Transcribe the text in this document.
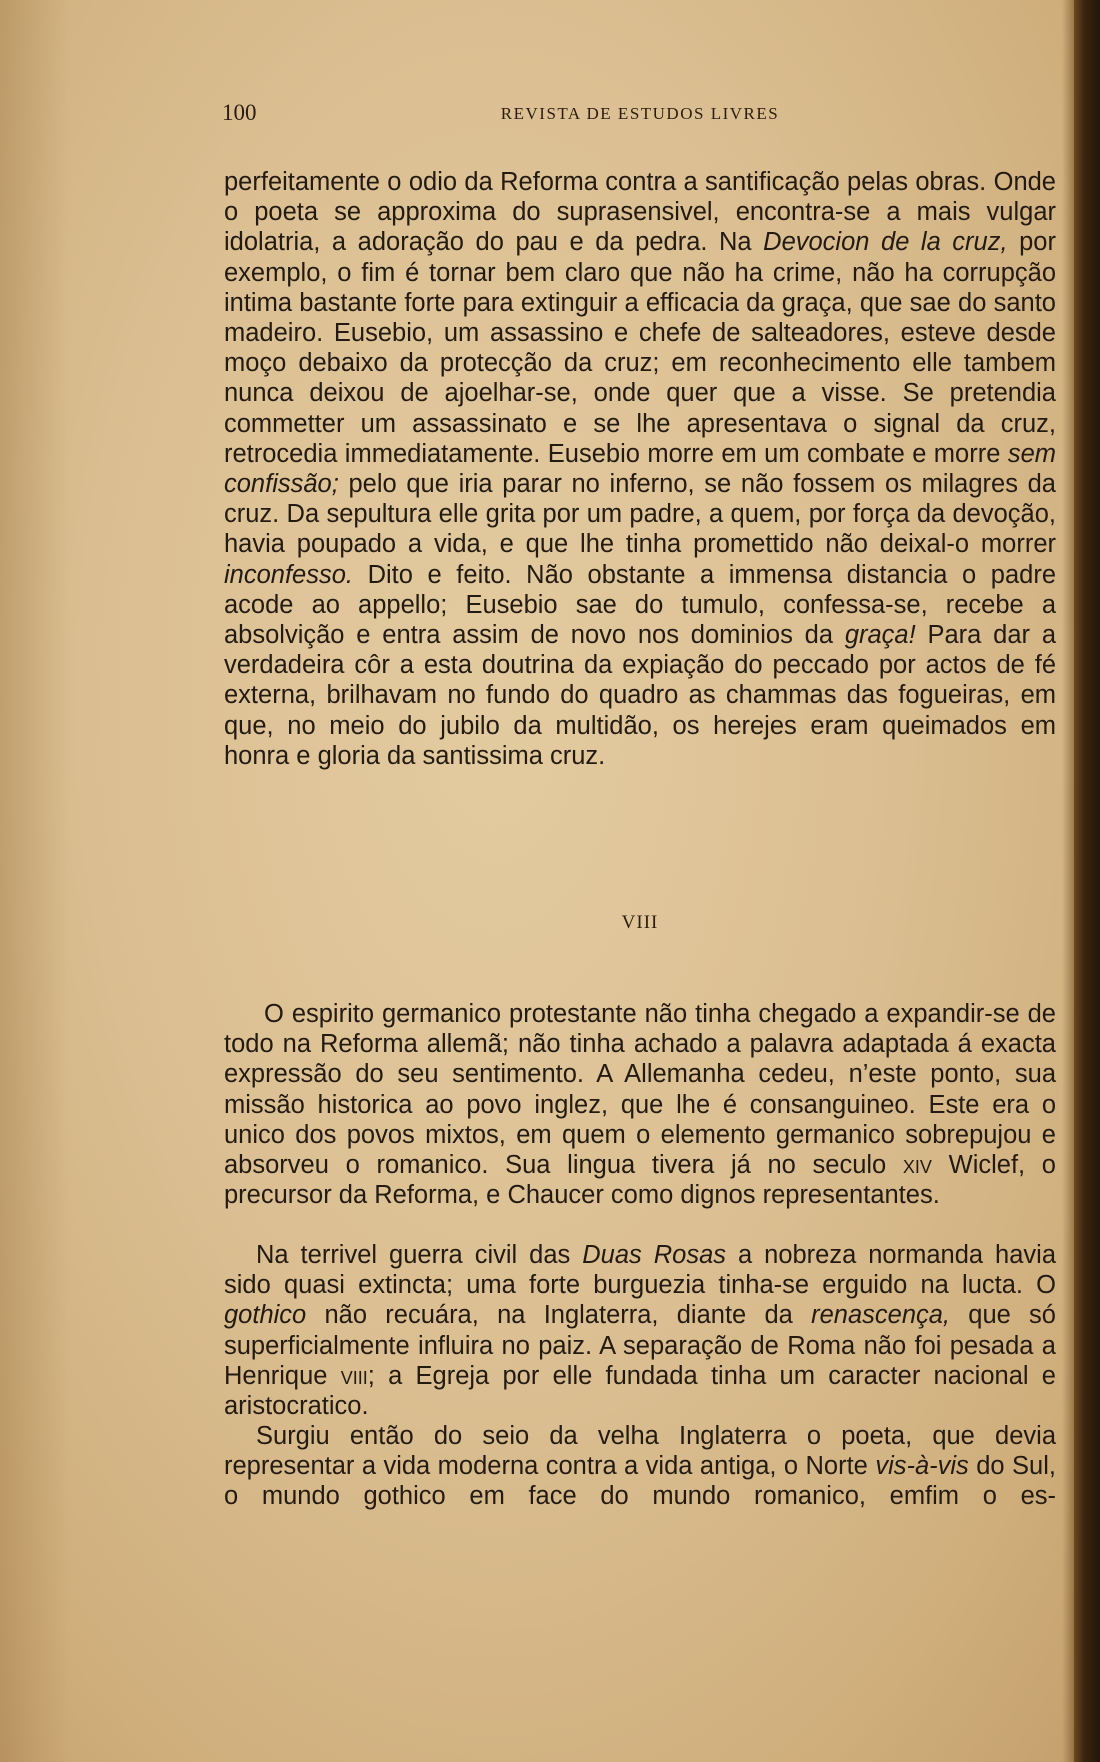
100	REVISTA DE ESTUDOS LIVRES

perfeitamente o odio da Reforma contra a santificação pelas obras. Onde o poeta se approxima do suprasensivel, encontra-se a mais vulgar idolatria, a adoração do pau e da pedra. Na Devocion de la cruz, por exemplo, o fim é tornar bem claro que não ha crime, não ha corrupção intima bastante forte para extinguir a efficacia da graça, que sae do santo madeiro. Eusebio, um assassino e chefe de salteadores, esteve desde moço debaixo da protecção da cruz; em reconhecimento elle tambem nunca deixou de ajoelhar-se, onde quer que a visse. Se pretendia commetter um assassinato e se lhe apresentava o signal da cruz, retrocedia immediatamente. Eusebio morre em um combate e morre sem confissão; pelo que iria parar no inferno, se não fossem os milagres da cruz. Da sepultura elle grita por um padre, a quem, por força da devoção, havia poupado a vida, e que lhe tinha promettido não deixal-o morrer inconfesso. Dito e feito. Não obstante a immensa distancia o padre acode ao appello; Eusebio sae do tumulo, confessa-se, recebe a absolvição e entra assim de novo nos dominios da graça! Para dar a verdadeira côr a esta doutrina da expiação do peccado por actos de fé externa, brilhavam no fundo do quadro as chammas das fogueiras, em que, no meio do jubilo da multidão, os herejes eram queimados em honra e gloria da santissima cruz.

VIII

O espirito germanico protestante não tinha chegado a expandir-se de todo na Reforma allemã; não tinha achado a palavra adaptada á exacta expressão do seu sentimento. A Allemanha cedeu, n’este ponto, sua missão historica ao povo inglez, que lhe é consanguineo. Este era o unico dos povos mixtos, em quem o elemento germanico sobrepujou e absorveu o romanico. Sua lingua tivera já no seculo xiv Wiclef, o precursor da Reforma, e Chaucer como dignos representantes.

Na terrivel guerra civil das Duas Rosas a nobreza normanda havia sido quasi extincta; uma forte burguezia tinha-se erguido na lucta. O gothico não recuára, na Inglaterra, diante da renascença, que só superficialmente influira no paiz. A separação de Roma não foi pesada a Henrique viii; a Egreja por elle fundada tinha um caracter nacional e aristocratico.

Surgiu então do seio da velha Inglaterra o poeta, que devia representar a vida moderna contra a vida antiga, o Norte vis-à-vis do Sul, o mundo gothico em face do mundo romanico, emfim o es-
